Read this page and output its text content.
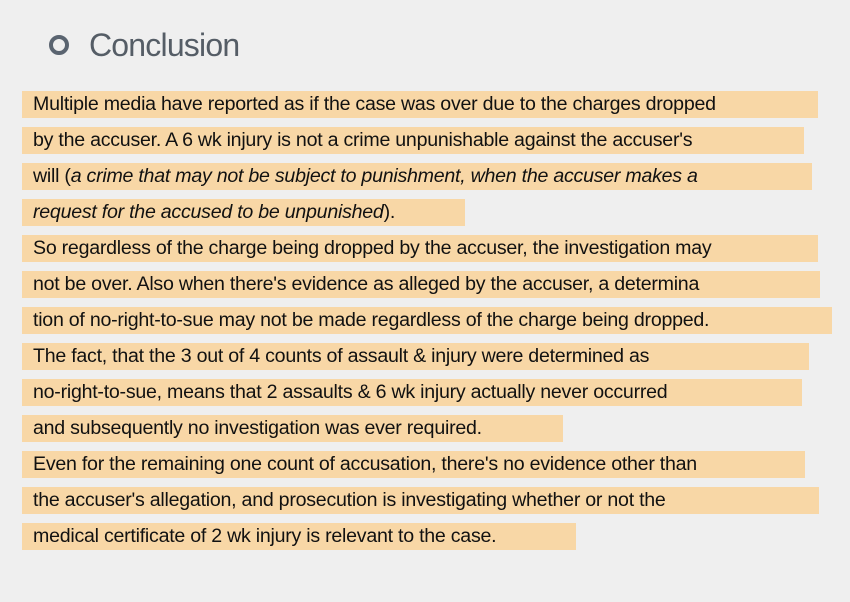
Conclusion
Multiple media have reported as if the case was over due to the charges dropped
by the accuser. A 6 wk injury is not a crime unpunishable against the accuser's
will (a crime that may not be subject to punishment, when the accuser makes a
request for the accused to be unpunished).
So regardless of the charge being dropped by the accuser, the investigation may
not be over. Also when there's evidence as alleged by the accuser, a determina
tion of no-right-to-sue may not be made regardless of the charge being dropped.
The fact, that the 3 out of 4 counts of assault & injury were determined as
no-right-to-sue, means that 2 assaults & 6 wk injury actually never occurred
and subsequently no investigation was ever required.
Even for the remaining one count of accusation, there's no evidence other than
the accuser's allegation, and prosecution is investigating whether or not the
medical certificate of 2 wk injury is relevant to the case.
